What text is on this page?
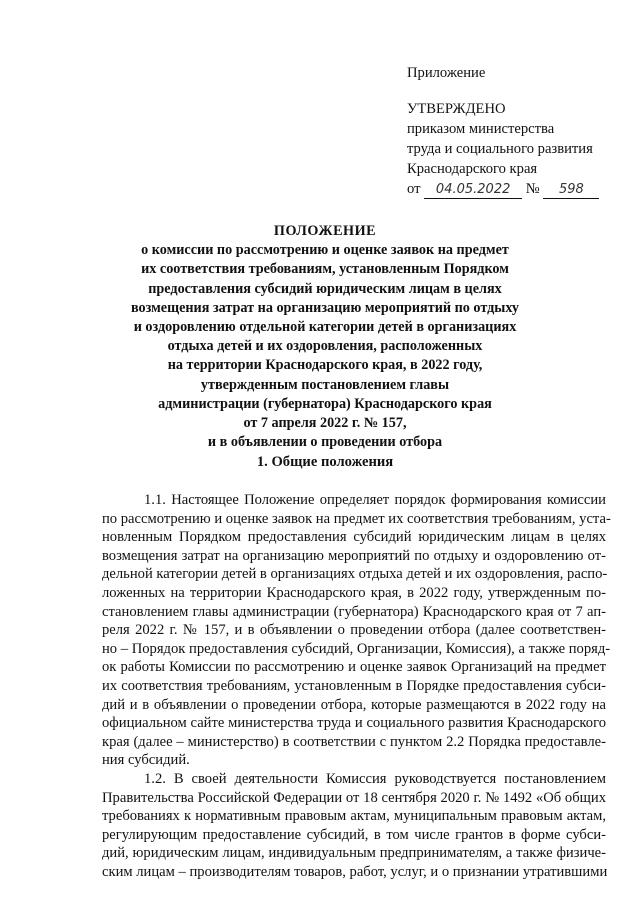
Приложение
УТВЕРЖДЕНО
приказом министерства
труда и социального развития
Краснодарского края
от 04.05.2022 № 598
ПОЛОЖЕНИЕ
о комиссии по рассмотрению и оценке заявок на предмет
их соответствия требованиям, установленным Порядком
предоставления субсидий юридическим лицам в целях
возмещения затрат на организацию мероприятий по отдыху
и оздоровлению отдельной категории детей в организациях
отдыха детей и их оздоровления, расположенных
на территории Краснодарского края, в 2022 году,
утвержденным постановлением главы
администрации (губернатора) Краснодарского края
от 7 апреля 2022 г. № 157,
и в объявлении о проведении отбора
1. Общие положения
1.1. Настоящее Положение определяет порядок формирования комиссии
по рассмотрению и оценке заявок на предмет их соответствия требованиям, уста-
новленным Порядком предоставления субсидий юридическим лицам в целях
возмещения затрат на организацию мероприятий по отдыху и оздоровлению от-
дельной категории детей в организациях отдыха детей и их оздоровления, распо-
ложенных на территории Краснодарского края, в 2022 году, утвержденным по-
становлением главы администрации (губернатора) Краснодарского края от 7 ап-
реля 2022 г. № 157, и в объявлении о проведении отбора (далее соответствен-
но – Порядок предоставления субсидий, Организации, Комиссия), а также поряд-
ок работы Комиссии по рассмотрению и оценке заявок Организаций на предмет
их соответствия требованиям, установленным в Порядке предоставления субси-
дий и в объявлении о проведении отбора, которые размещаются в 2022 году на
официальном сайте министерства труда и социального развития Краснодарского
края (далее – министерство) в соответствии с пунктом 2.2 Порядка предоставле-
ния субсидий.
1.2. В своей деятельности Комиссия руководствуется постановлением
Правительства Российской Федерации от 18 сентября 2020 г. № 1492 «Об общих
требованиях к нормативным правовым актам, муниципальным правовым актам,
регулирующим предоставление субсидий, в том числе грантов в форме субси-
дий, юридическим лицам, индивидуальным предпринимателям, а также физиче-
ским лицам – производителям товаров, работ, услуг, и о признании утратившими
